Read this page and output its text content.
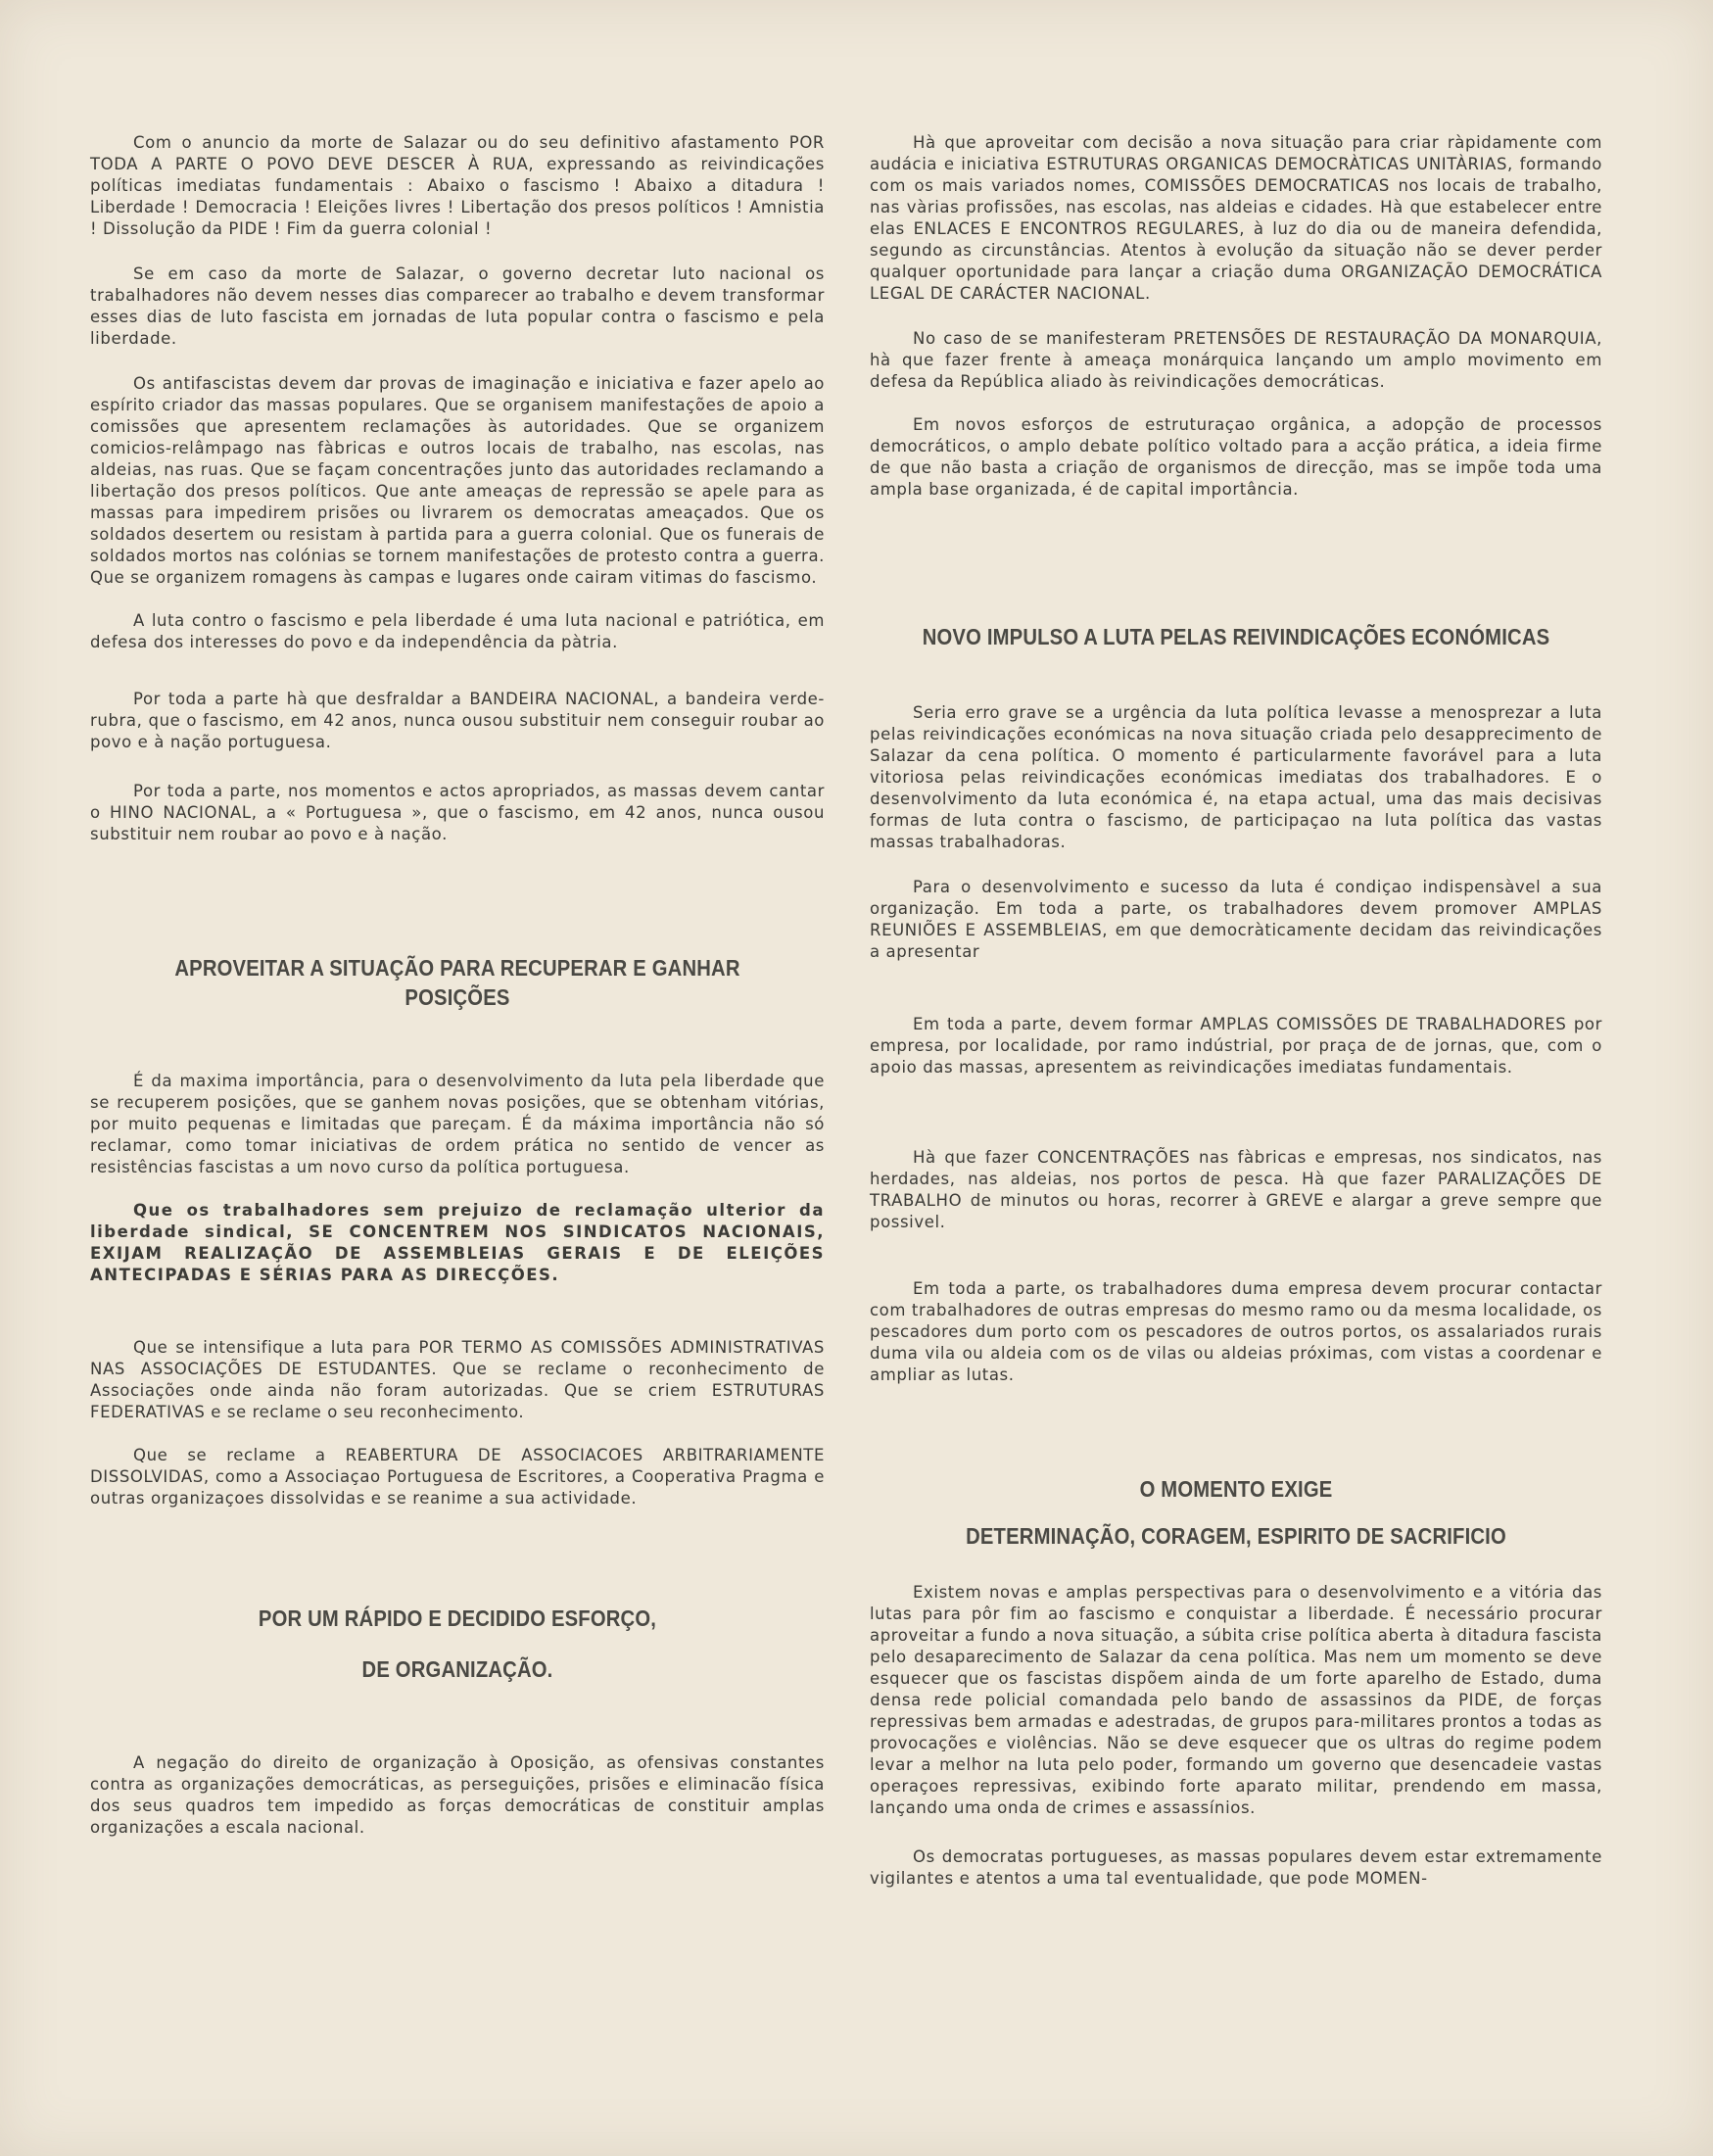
Com o anuncio da morte de Salazar ou do seu definitivo afastamento POR TODA A PARTE O POVO DEVE DESCER À RUA, expressando as reivindicações políticas imediatas fundamentais : Abaixo o fascismo ! Abaixo a ditadura ! Liberdade ! Democracia ! Eleições livres ! Libertação dos presos políticos ! Amnistia ! Dissolução da PIDE ! Fim da guerra colonial !

Se em caso da morte de Salazar, o governo decretar luto nacional os trabalhadores não devem nesses dias comparecer ao trabalho e devem transformar esses dias de luto fascista em jornadas de luta popular contra o fascismo e pela liberdade.

Os antifascistas devem dar provas de imaginação e iniciativa e fazer apelo ao espírito criador das massas populares. Que se organisem manifestações de apoio a comissões que apresentem reclamações às autoridades. Que se organizem comicios-relâmpago nas fàbricas e outros locais de trabalho, nas escolas, nas aldeias, nas ruas. Que se façam concentrações junto das autoridades reclamando a libertação dos presos políticos. Que ante ameaças de repressão se apele para as massas para impedirem prisões ou livrarem os democratas ameaçados. Que os soldados desertem ou resistam à partida para a guerra colonial. Que os funerais de soldados mortos nas colónias se tornem manifestações de protesto contra a guerra. Que se organizem romagens às campas e lugares onde cairam vitimas do fascismo.

A luta contro o fascismo e pela liberdade é uma luta nacional e patriótica, em defesa dos interesses do povo e da independência da pàtria.

Por toda a parte hà que desfraldar a BANDEIRA NACIONAL, a bandeira verde-rubra, que o fascismo, em 42 anos, nunca ousou substituir nem conseguir roubar ao povo e à nação portuguesa.

Por toda a parte, nos momentos e actos apropriados, as massas devem cantar o HINO NACIONAL, a « Portuguesa », que o fascismo, em 42 anos, nunca ousou substituir nem roubar ao povo e à nação.

APROVEITAR A SITUAÇÃO PARA RECUPERAR E GANHAR POSIÇÕES

É da maxima importância, para o desenvolvimento da luta pela liberdade que se recuperem posições, que se ganhem novas posições, que se obtenham vitórias, por muito pequenas e limitadas que pareçam. É da máxima importância não só reclamar, como tomar iniciativas de ordem prática no sentido de vencer as resistências fascistas a um novo curso da política portuguesa.

Que os trabalhadores sem prejuizo de reclamação ulterior da liberdade sindical, SE CONCENTREM NOS SINDICATOS NACIONAIS, EXIJAM REALIZAÇÃO DE ASSEMBLEIAS GERAIS E DE ELEIÇÕES ANTECIPADAS E SÉRIAS PARA AS DIRECÇÕES.

Que se intensifique a luta para POR TERMO AS COMISSÕES ADMINISTRATIVAS NAS ASSOCIAÇÕES DE ESTUDANTES. Que se reclame o reconhecimento de Associações onde ainda não foram autorizadas. Que se criem ESTRUTURAS FEDERATIVAS e se reclame o seu reconhecimento.

Que se reclame a REABERTURA DE ASSOCIACOES ARBITRARIAMENTE DISSOLVIDAS, como a Associaçao Portuguesa de Escritores, a Cooperativa Pragma e outras organizaçoes dissolvidas e se reanime a sua actividade.

POR UM RÁPIDO E DECIDIDO ESFORÇO,
DE ORGANIZAÇÃO.

A negação do direito de organização à Oposição, as ofensivas constantes contra as organizações democráticas, as perseguições, prisões e eliminacão física dos seus quadros tem impedido as forças democráticas de constituir amplas organizações a escala nacional.

Hà que aproveitar com decisão a nova situação para criar ràpidamente com audácia e iniciativa ESTRUTURAS ORGANICAS DEMOCRÀTICAS UNITÀRIAS, formando com os mais variados nomes, COMISSÕES DEMOCRATICAS nos locais de trabalho, nas vàrias profissões, nas escolas, nas aldeias e cidades. Hà que estabelecer entre elas ENLACES E ENCONTROS REGULARES, à luz do dia ou de maneira defendida, segundo as circunstâncias. Atentos à evolução da situação não se dever perder qualquer oportunidade para lançar a criação duma ORGANIZAÇÃO DEMOCRÁTICA LEGAL DE CARÁCTER NACIONAL.

No caso de se manifesteram PRETENSÕES DE RESTAURAÇÃO DA MONARQUIA, hà que fazer frente à ameaça monárquica lançando um amplo movimento em defesa da República aliado às reivindicações democráticas.

Em novos esforços de estruturaçao orgânica, a adopção de processos democráticos, o amplo debate político voltado para a acção prática, a ideia firme de que não basta a criação de organismos de direcção, mas se impõe toda uma ampla base organizada, é de capital importância.

NOVO IMPULSO A LUTA PELAS REIVINDICAÇÕES ECONÓMICAS

Seria erro grave se a urgência da luta política levasse a menosprezar a luta pelas reivindicações económicas na nova situação criada pelo desapprecimento de Salazar da cena política. O momento é particularmente favorável para a luta vitoriosa pelas reivindicações económicas imediatas dos trabalhadores. E o desenvolvimento da luta económica é, na etapa actual, uma das mais decisivas formas de luta contra o fascismo, de participaçao na luta política das vastas massas trabalhadoras.

Para o desenvolvimento e sucesso da luta é condiçao indispensàvel a sua organização. Em toda a parte, os trabalhadores devem promover AMPLAS REUNIÕES E ASSEMBLEIAS, em que democràticamente decidam das reivindicações a apresentar

Em toda a parte, devem formar AMPLAS COMISSÕES DE TRABALHADORES por empresa, por localidade, por ramo indústrial, por praça de de jornas, que, com o apoio das massas, apresentem as reivindicações imediatas fundamentais.

Hà que fazer CONCENTRAÇÕES nas fàbricas e empresas, nos sindicatos, nas herdades, nas aldeias, nos portos de pesca. Hà que fazer PARALIZAÇÕES DE TRABALHO de minutos ou horas, recorrer à GREVE e alargar a greve sempre que possivel.

Em toda a parte, os trabalhadores duma empresa devem procurar contactar com trabalhadores de outras empresas do mesmo ramo ou da mesma localidade, os pescadores dum porto com os pescadores de outros portos, os assalariados rurais duma vila ou aldeia com os de vilas ou aldeias próximas, com vistas a coordenar e ampliar as lutas.

O MOMENTO EXIGE
DETERMINAÇÃO, CORAGEM, ESPIRITO DE SACRIFICIO

Existem novas e amplas perspectivas para o desenvolvimento e a vitória das lutas para pôr fim ao fascismo e conquistar a liberdade. É necessário procurar aproveitar a fundo a nova situação, a súbita crise política aberta à ditadura fascista pelo desaparecimento de Salazar da cena política. Mas nem um momento se deve esquecer que os fascistas dispõem ainda de um forte aparelho de Estado, duma densa rede policial comandada pelo bando de assassinos da PIDE, de forças repressivas bem armadas e adestradas, de grupos para-militares prontos a todas as provocações e violências. Não se deve esquecer que os ultras do regime podem levar a melhor na luta pelo poder, formando um governo que desencadeie vastas operaçoes repressivas, exibindo forte aparato militar, prendendo em massa, lançando uma onda de crimes e assassínios.

Os democratas portugueses, as massas populares devem estar extremamente vigilantes e atentos a uma tal eventualidade, que pode MOMEN-
